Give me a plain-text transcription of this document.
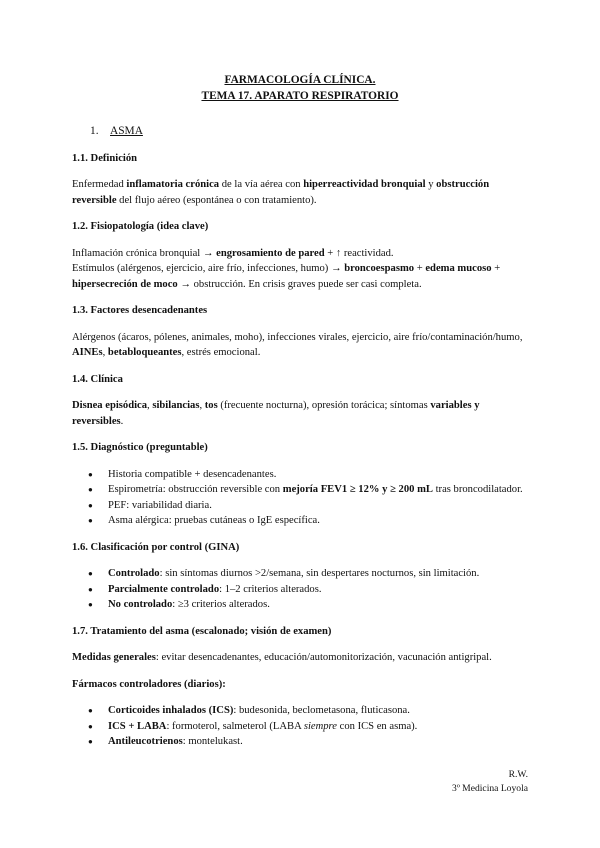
FARMACOLOGÍA CLÍNICA.
TEMA 17. APARATO RESPIRATORIO
1. ASMA
1.1. Definición

Enfermedad inflamatoria crónica de la vía aérea con hiperreactividad bronquial y obstrucción reversible del flujo aéreo (espontánea o con tratamiento).

1.2. Fisiopatología (idea clave)

Inflamación crónica bronquial → engrosamiento de pared + ↑ reactividad.

Estímulos (alérgenos, ejercicio, aire frío, infecciones, humo) → broncoespasmo + edema mucoso + hipersecreción de moco → obstrucción. En crisis graves puede ser casi completa.

1.3. Factores desencadenantes

Alérgenos (ácaros, pólenes, animales, moho), infecciones virales, ejercicio, aire frío/contaminación/humo, AINEs, betabloqueantes, estrés emocional.

1.4. Clínica

Disnea episódica, sibilancias, tos (frecuente nocturna), opresión torácica; síntomas variables y reversibles.

1.5. Diagnóstico (preguntable)
● Historia compatible + desencadenantes.
● Espirometría: obstrucción reversible con mejoría FEV1 ≥ 12% y ≥ 200 mL tras broncodilatador.
● PEF: variabilidad diaria.
● Asma alérgica: pruebas cutáneas o IgE específica.
1.6. Clasificación por control (GINA)
● Controlado: sin síntomas diurnos >2/semana, sin despertares nocturnos, sin limitación.
● Parcialmente controlado: 1–2 criterios alterados.
● No controlado: ≥3 criterios alterados.
1.7. Tratamiento del asma (escalonado; visión de examen)

Medidas generales: evitar desencadenantes, educación/automonitorización, vacunación antigripal.

Fármacos controladores (diarios):
● Corticoides inhalados (ICS): budesonida, beclometasona, fluticasona.
● ICS + LABA: formoterol, salmeterol (LABA siempre con ICS en asma).
● Antileucotrienos: montelukast.
R.W.
3º Medicina Loyola
